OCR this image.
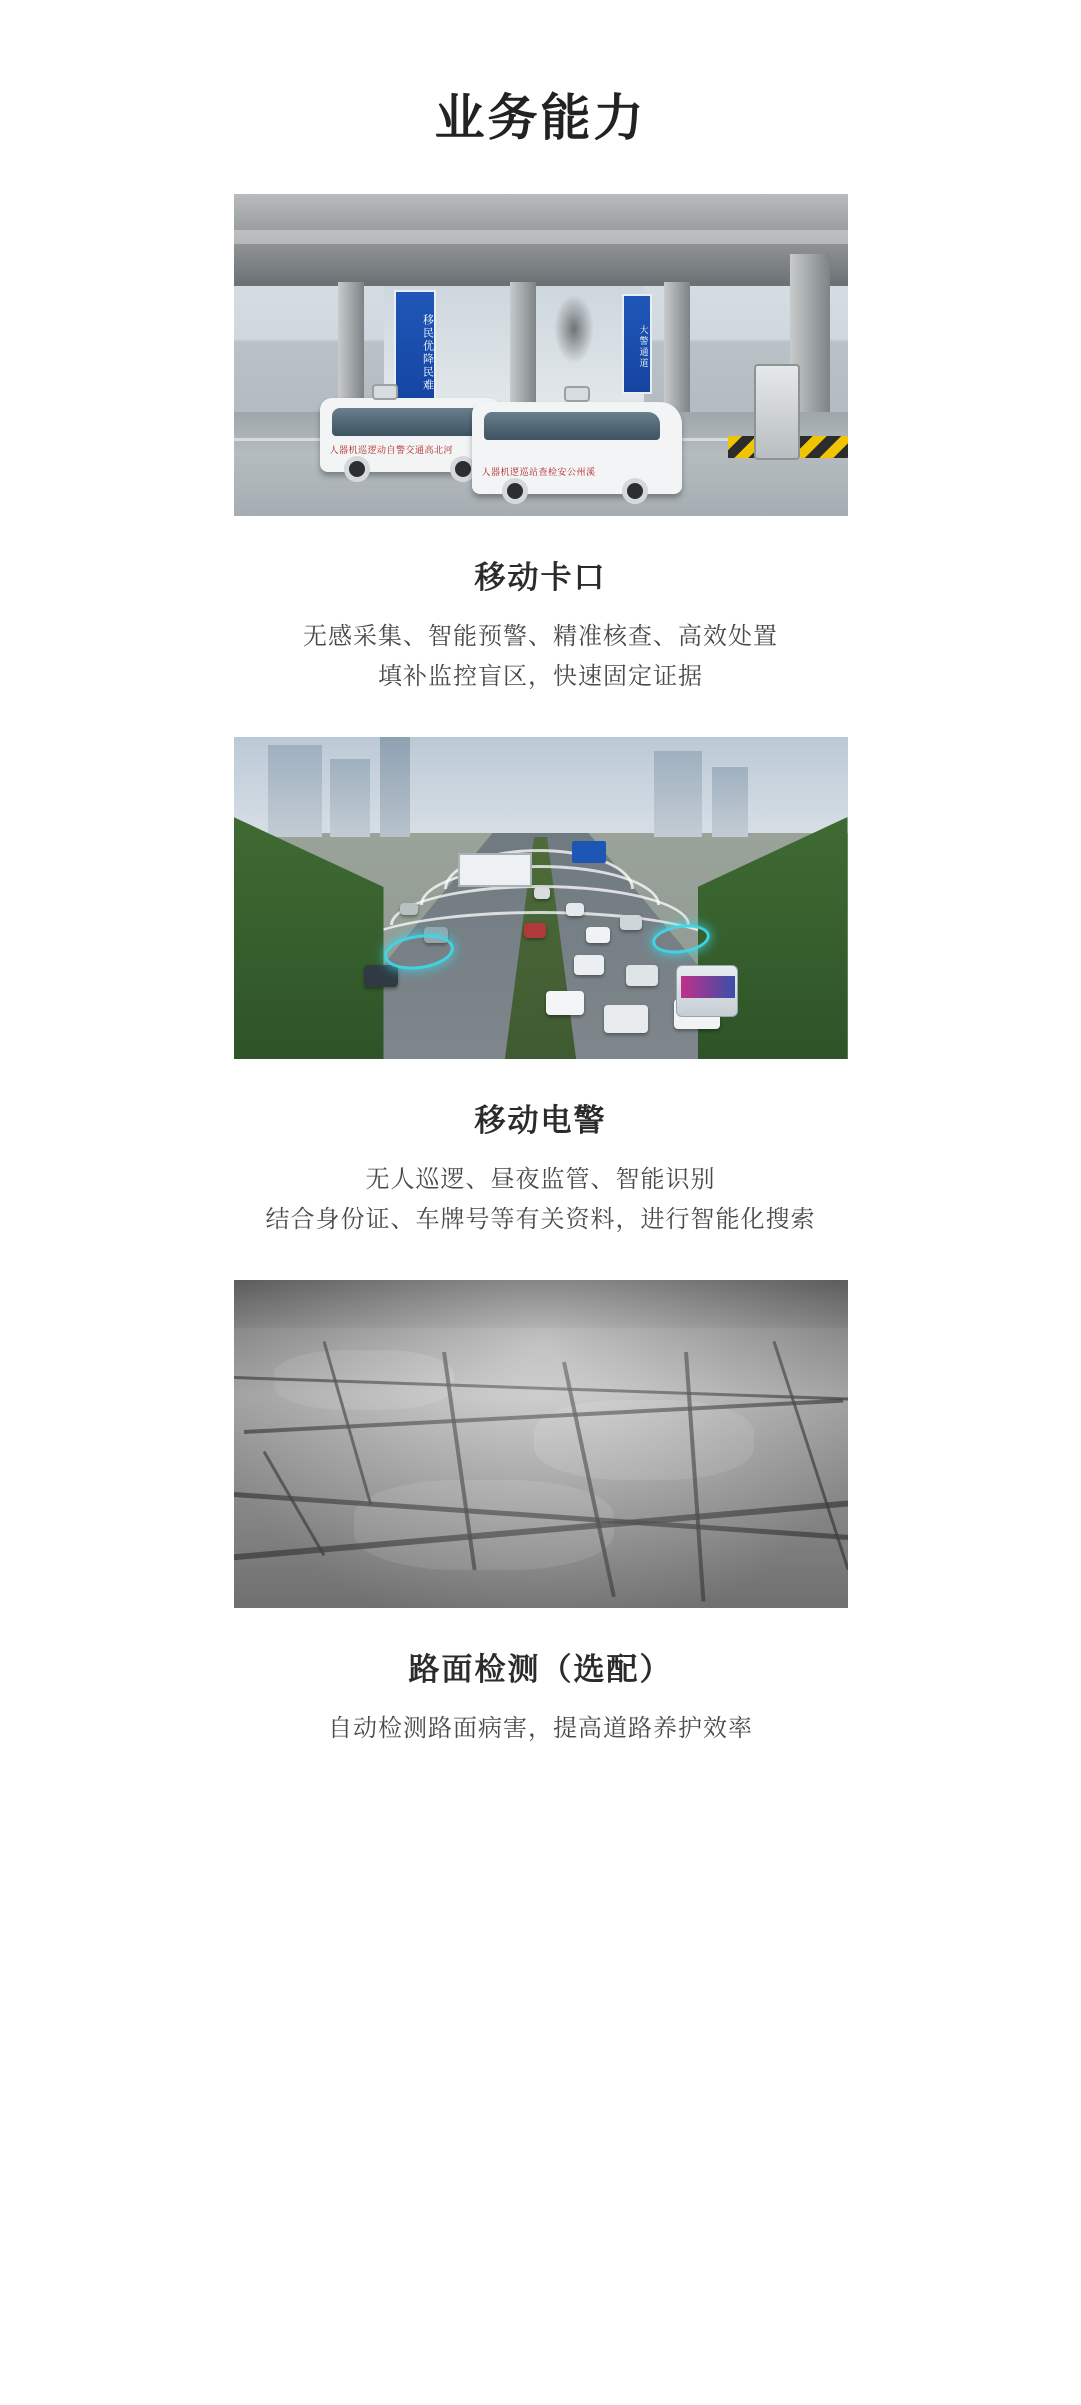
业务能力
移民优降民难	大警通道
人器机巡逻动自警交通高北河
人器机逻巡站查检安公州溪
移动卡口

无感采集、智能预警、精准核查、高效处置

填补监控盲区，快速固定证据

移动电警

无人巡逻、昼夜监管、智能识别

结合身份证、车牌号等有关资料，进行智能化搜索

路面检测（选配）

自动检测路面病害，提高道路养护效率
